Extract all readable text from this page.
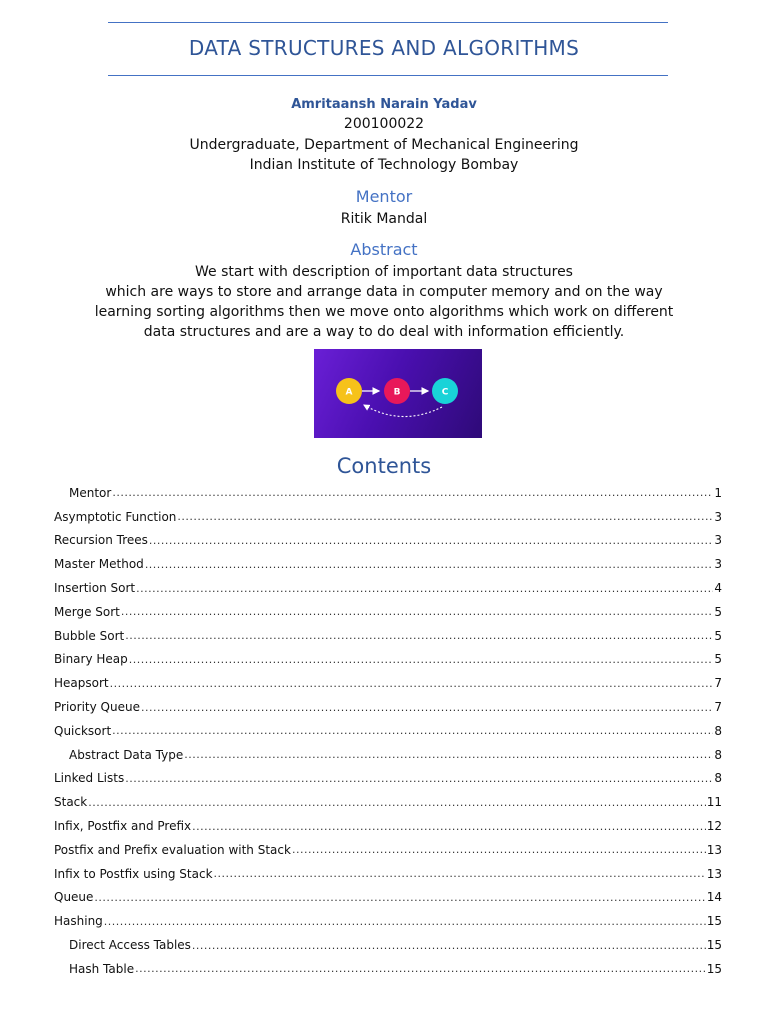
DATA STRUCTURES AND ALGORITHMS
Amritaansh Narain Yadav
200100022
Undergraduate, Department of Mechanical Engineering
Indian Institute of Technology Bombay
Mentor
Ritik Mandal
Abstract
We start with description of important data structures
which are ways to store and arrange data in computer memory and on the way
learning sorting algorithms then we move onto algorithms which work on different
data structures and are a way to do deal with information efficiently.
A	B	C
Contents
Mentor .....	1
Asymptotic Function .....	3
Recursion Trees .....	3
Master Method .....	3
Insertion Sort .....	4
Merge Sort .....	5
Bubble Sort .....	5
Binary Heap .....	5
Heapsort .....	7
Priority Queue .....	7
Quicksort .....	8
Abstract Data Type .....	8
Linked Lists .....	8
Stack .....	11
Infix, Postfix and Prefix .....	12
Postfix and Prefix evaluation with Stack .....	13
Infix to Postfix using Stack .....	13
Queue .....	14
Hashing .....	15
Direct Access Tables .....	15
Hash Table .....	15
